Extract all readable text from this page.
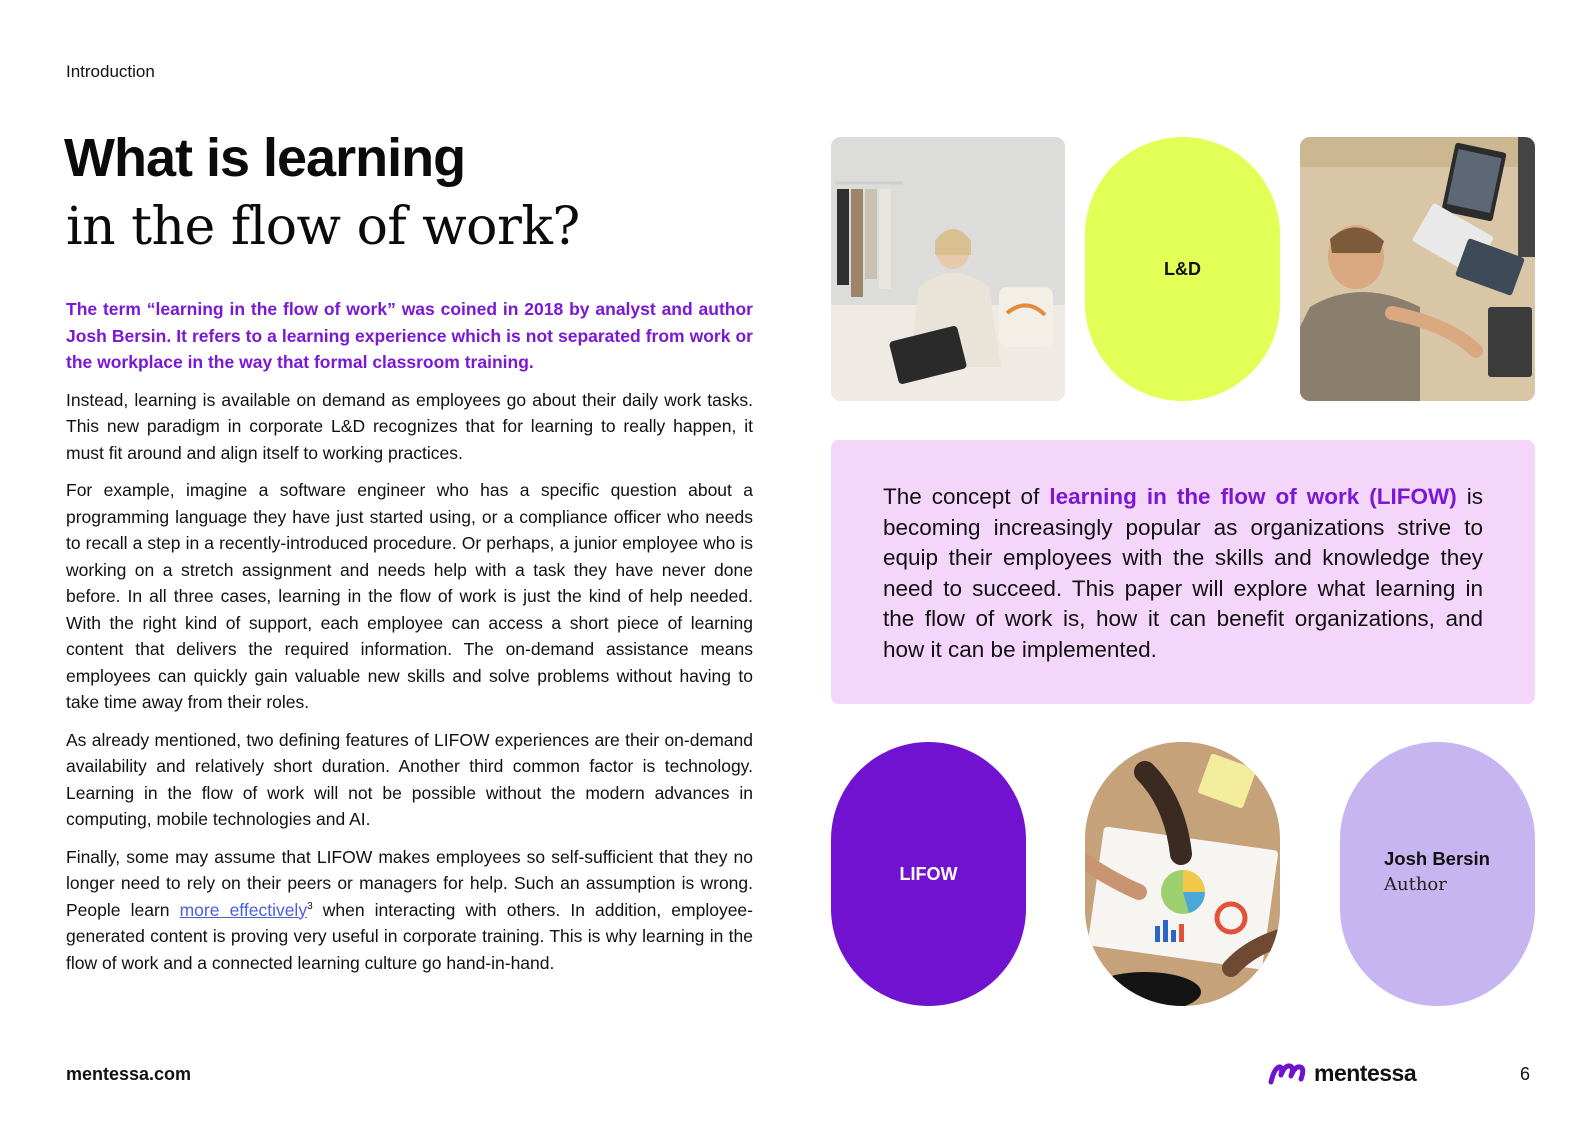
Introduction
What is learning
in the flow of work?

The term “learning in the flow of work” was coined in 2018 by analyst and author Josh Bersin. It refers to a learning experience which is not separated from work or the workplace in the way that formal classroom training.

Instead, learning is available on demand as employees go about their daily work tasks. This new paradigm in corporate L&D recognizes that for learning to really happen, it must fit around and align itself to working practices.

For example, imagine a software engineer who has a specific question about a programming language they have just started using, or a compliance officer who needs to recall a step in a recently-introduced procedure. Or perhaps, a junior employee who is working on a stretch assignment and needs help with a task they have never done before. In all three cases, learning in the flow of work is just the kind of help needed. With the right kind of support, each employee can access a short piece of learning content that delivers the required information. The on-demand assistance means employees can quickly gain valuable new skills and solve problems without having to take time away from their roles.

As already mentioned, two defining features of LIFOW experiences are their on-demand availability and relatively short duration. Another third common factor is technology. Learning in the flow of work will not be possible without the modern advances in computing, mobile technologies and AI.

Finally, some may assume that LIFOW makes employees so self-sufficient that they no longer need to rely on their peers or managers for help. Such an assumption is wrong. People learn more effectively$^3$ when interacting with others. In addition, employee-generated content is proving very useful in corporate training. This is why learning in the flow of work and a connected learning culture go hand-in-hand.

L&D

The concept of learning in the flow of work (LIFOW) is becoming increasingly popular as organizations strive to equip their employees with the skills and knowledge they need to succeed. This paper will explore what learning in the flow of work is, how it can benefit organizations, and how it can be implemented.

LIFOW
Josh Bersin
Author
mentessa.com	mentessa	6
